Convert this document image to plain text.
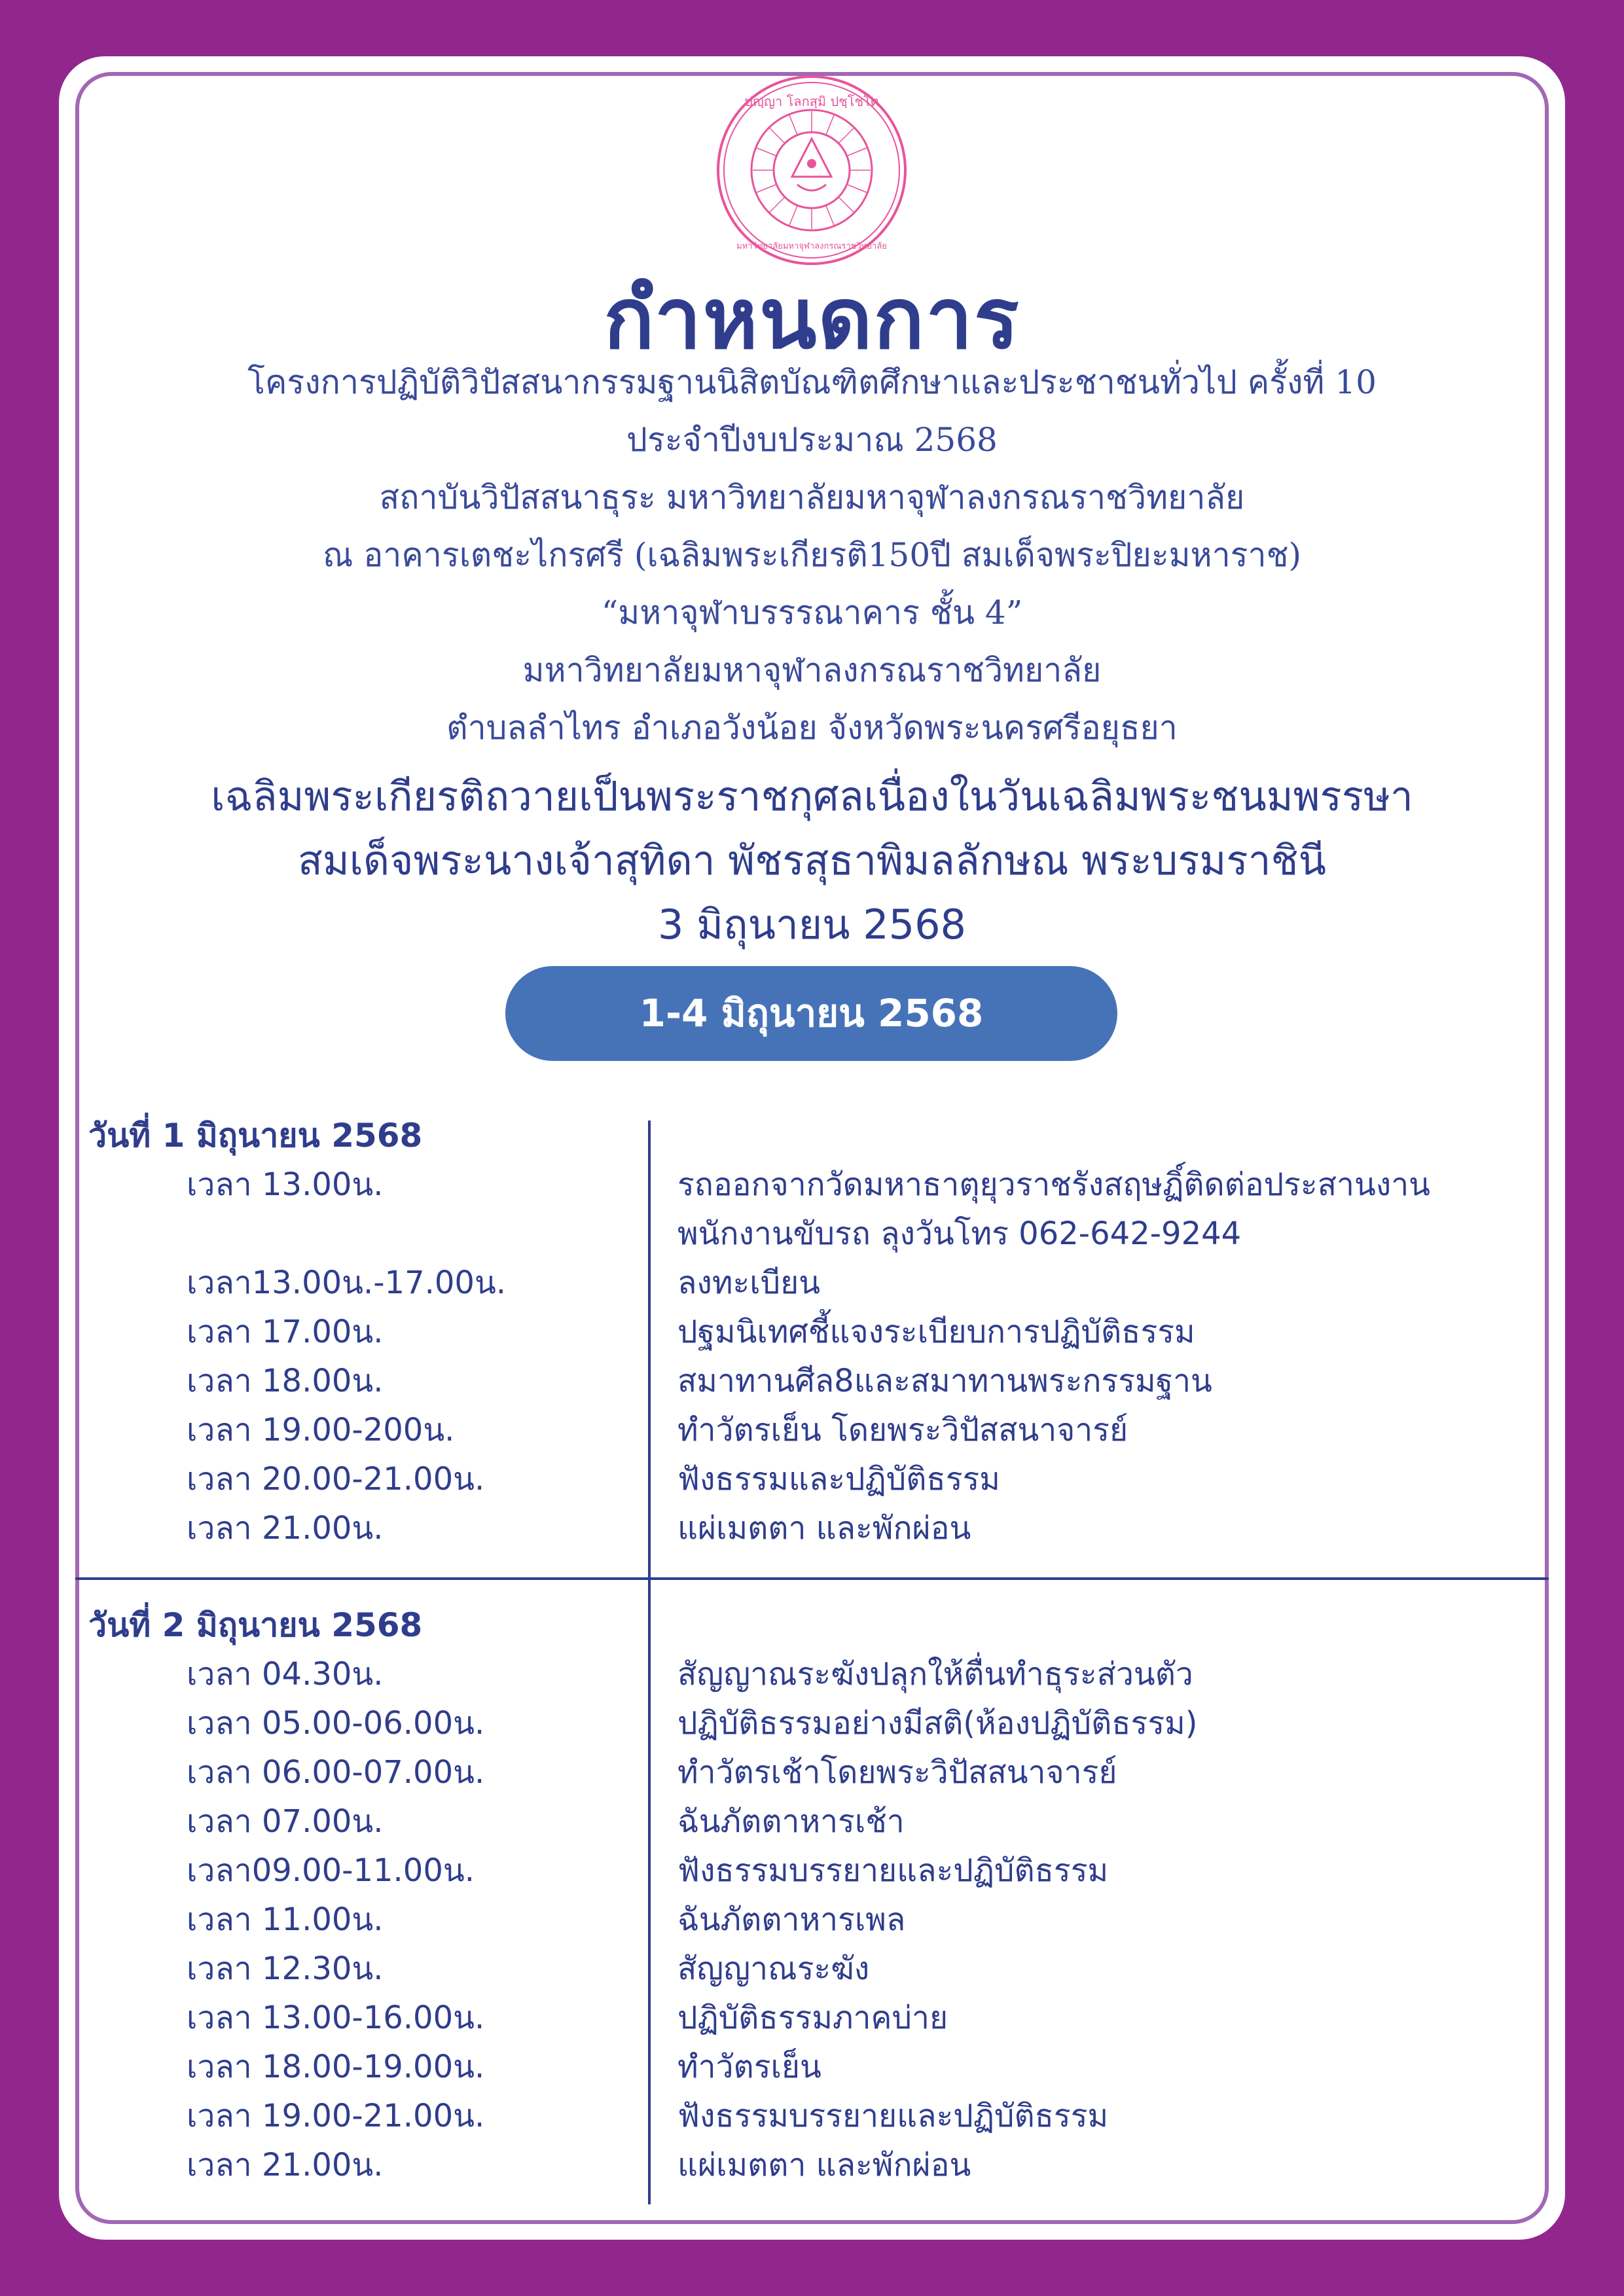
ปญฺญา โลกสฺมิ ปชฺโชโต
มหาวิทยาลัยมหาจุฬาลงกรณราชวิทยาลัย
กำหนดการ
โครงการปฏิบัติวิปัสสนากรรมฐานนิสิตบัณฑิตศึกษาและประชาชนทั่วไป ครั้งที่ 10
ประจำปีงบประมาณ 2568
สถาบันวิปัสสนาธุระ มหาวิทยาลัยมหาจุฬาลงกรณราชวิทยาลัย
ณ อาคารเตชะไกรศรี (เฉลิมพระเกียรติ150ปี สมเด็จพระปิยะมหาราช)
“มหาจุฬาบรรรณาคาร ชั้น 4”
มหาวิทยาลัยมหาจุฬาลงกรณราชวิทยาลัย
ตำบลลำไทร อำเภอวังน้อย จังหวัดพระนครศรีอยุธยา
เฉลิมพระเกียรติถวายเป็นพระราชกุศลเนื่องในวันเฉลิมพระชนมพรรษา
สมเด็จพระนางเจ้าสุทิดา พัชรสุธาพิมลลักษณ พระบรมราชินี
3 มิถุนายน 2568
1-4 มิถุนายน 2568
วันที่ 1 มิถุนายน 2568
เวลา 13.00น.	รถออกจากวัดมหาธาตุยุวราชรังสฤษฏิ์ติดต่อประสานงาน
พนักงานขับรถ ลุงวันโทร 062-642-9244
เวลา13.00น.-17.00น.	ลงทะเบียน
เวลา 17.00น.	ปฐมนิเทศชี้แจงระเบียบการปฏิบัติธรรม
เวลา 18.00น.	สมาทานศีล8และสมาทานพระกรรมฐาน
เวลา 19.00-200น.	ทำวัตรเย็น โดยพระวิปัสสนาจารย์
เวลา 20.00-21.00น.	ฟังธรรมและปฏิบัติธรรม
เวลา 21.00น.	แผ่เมตตา และพักผ่อน
วันที่ 2 มิถุนายน 2568
เวลา 04.30น.	สัญญาณระฆังปลุกให้ตื่นทำธุระส่วนตัว
เวลา 05.00-06.00น.	ปฏิบัติธรรมอย่างมีสติ(ห้องปฏิบัติธรรม)
เวลา 06.00-07.00น.	ทำวัตรเช้าโดยพระวิปัสสนาจารย์
เวลา 07.00น.	ฉันภัตตาหารเช้า
เวลา09.00-11.00น.	ฟังธรรมบรรยายและปฏิบัติธรรม
เวลา 11.00น.	ฉันภัตตาหารเพล
เวลา 12.30น.	สัญญาณระฆัง
เวลา 13.00-16.00น.	ปฏิบัติธรรมภาคบ่าย
เวลา 18.00-19.00น.	ทำวัตรเย็น
เวลา 19.00-21.00น.	ฟังธรรมบรรยายและปฏิบัติธรรม
เวลา 21.00น.	แผ่เมตตา และพักผ่อน
